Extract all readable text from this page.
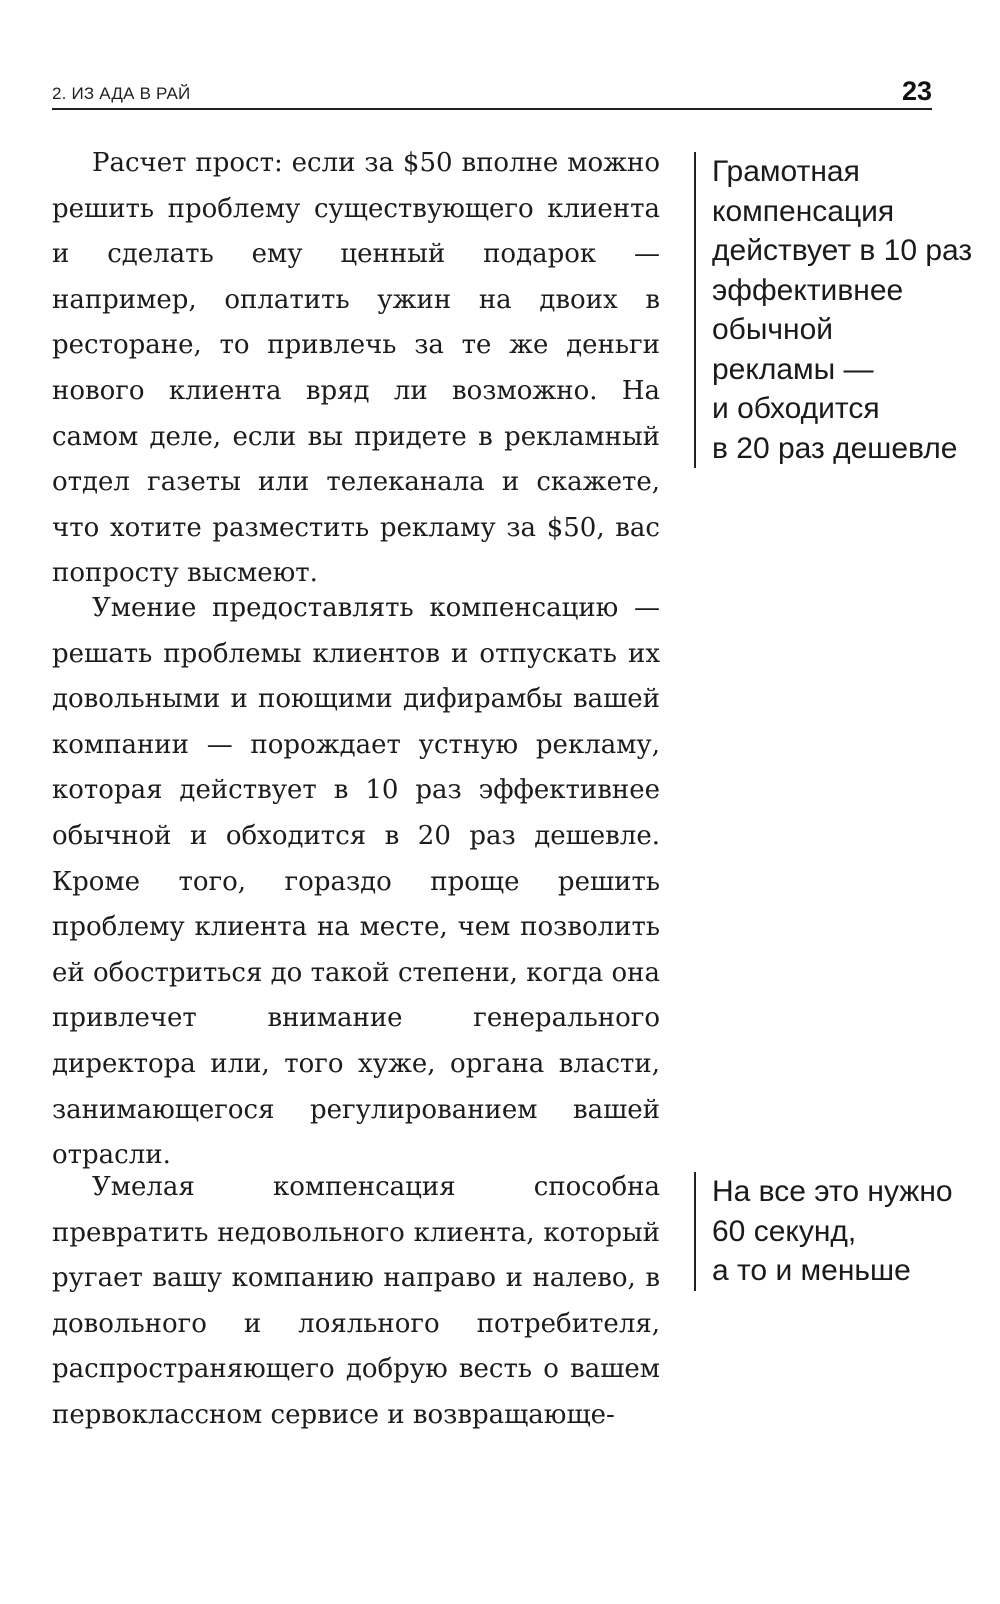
2. ИЗ АДА В РАЙ	23

Расчет прост: если за $50 вполне можно решить проблему существующего клиента и сделать ему ценный подарок — например, оплатить ужин на двоих в ресторане, то привлечь за те же деньги нового клиента вряд ли возможно. На самом деле, если вы придете в рекламный отдел газеты или телеканала и скажете, что хотите разместить рекламу за $50, вас попросту высмеют.

Умение предоставлять компенсацию — решать проблемы клиентов и отпускать их довольными и поющими дифирамбы вашей компании — порождает устную рекламу, которая действует в 10 раз эффективнее обычной и обходится в 20 раз дешевле. Кроме того, гораздо проще решить проблему клиента на месте, чем позволить ей обостриться до такой степени, когда она привлечет внимание генерального директора или, того хуже, органа власти, занимающегося регулированием вашей отрасли.

Умелая компенсация способна превратить недовольного клиента, который ругает вашу компанию направо и налево, в довольного и лояльного потребителя, распространяющего добрую весть о вашем первоклассном сервисе и возвращающе-

Грамотная
компенсация
действует в 10 раз
эффективнее
обычной
рекламы —
и обходится
в 20 раз дешевле
На все это нужно
60 секунд,
а то и меньше
